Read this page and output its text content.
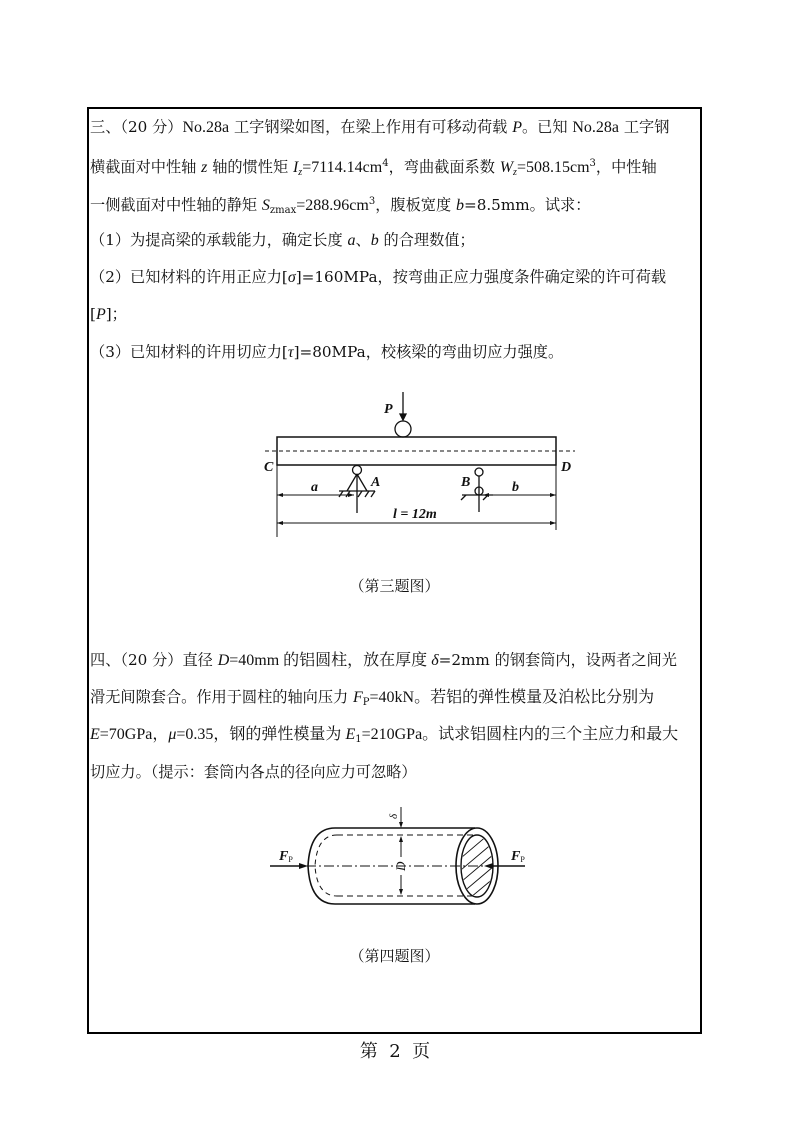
三、（20 分）No.28a 工字钢梁如图，在梁上作用有可移动荷载 P。已知 No.28a 工字钢
横截面对中性轴 z 轴的惯性矩 $I_z=7114.14cm^4$，弯曲截面系数 $W_z=508.15cm^3$，中性轴
一侧截面对中性轴的静矩 $S_{zmax}=288.96cm^3$，腹板宽度 b=8.5mm。试求：
（1）为提高梁的承载能力，确定长度 a、b 的合理数值；
（2）已知材料的许用正应力[σ]=160MPa，按弯曲正应力强度条件确定梁的许可荷载
[P]；
（3）已知材料的许用切应力[τ]=80MPa，校核梁的弯曲切应力强度。
P
C	D
A	B
a	b
l = 12m
（第三题图）
四、（20 分）直径 D=40mm 的铝圆柱，放在厚度 δ=2mm 的钢套筒内，设两者之间光
滑无间隙套合。作用于圆柱的轴向压力 $F_P=40kN$。若铝的弹性模量及泊松比分别为
E=70GPa，μ=0.35，钢的弹性模量为 $E_1=210GPa$。试求铝圆柱内的三个主应力和最大
切应力。（提示：套筒内各点的径向应力可忽略）
FP	FP
D
δ
（第四题图）
第  2  页
